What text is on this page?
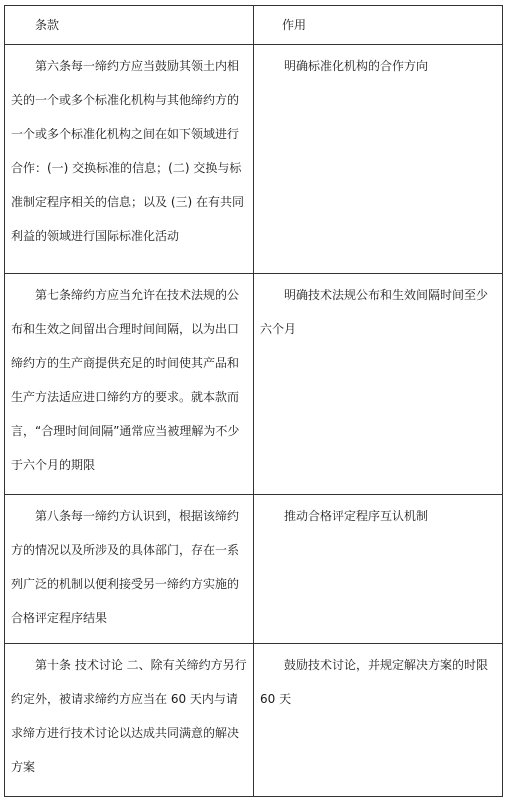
条款	作用
第六条每一缔约方应当鼓励其领土内相关的一个或多个标准化机构与其他缔约方的一个或多个标准化机构之间在如下领域进行合作：(一) 交换标准的信息；(二) 交换与标准制定程序相关的信息；以及 (三) 在有共同利益的领域进行国际标准化活动	明确标准化机构的合作方向
第七条缔约方应当允许在技术法规的公布和生效之间留出合理时间间隔，以为出口缔约方的生产商提供充足的时间使其产品和生产方法适应进口缔约方的要求。就本款而言，“合理时间间隔”通常应当被理解为不少于六个月的期限	明确技术法规公布和生效间隔时间至少六个月
第八条每一缔约方认识到，根据该缔约方的情况以及所涉及的具体部门，存在一系列广泛的机制以便利接受另一缔约方实施的合格评定程序结果	推动合格评定程序互认机制
第十条 技术讨论 二、除有关缔约方另行约定外，被请求缔约方应当在 60 天内与请求缔方进行技术讨论以达成共同满意的解决方案	鼓励技术讨论，并规定解决方案的时限 60 天
